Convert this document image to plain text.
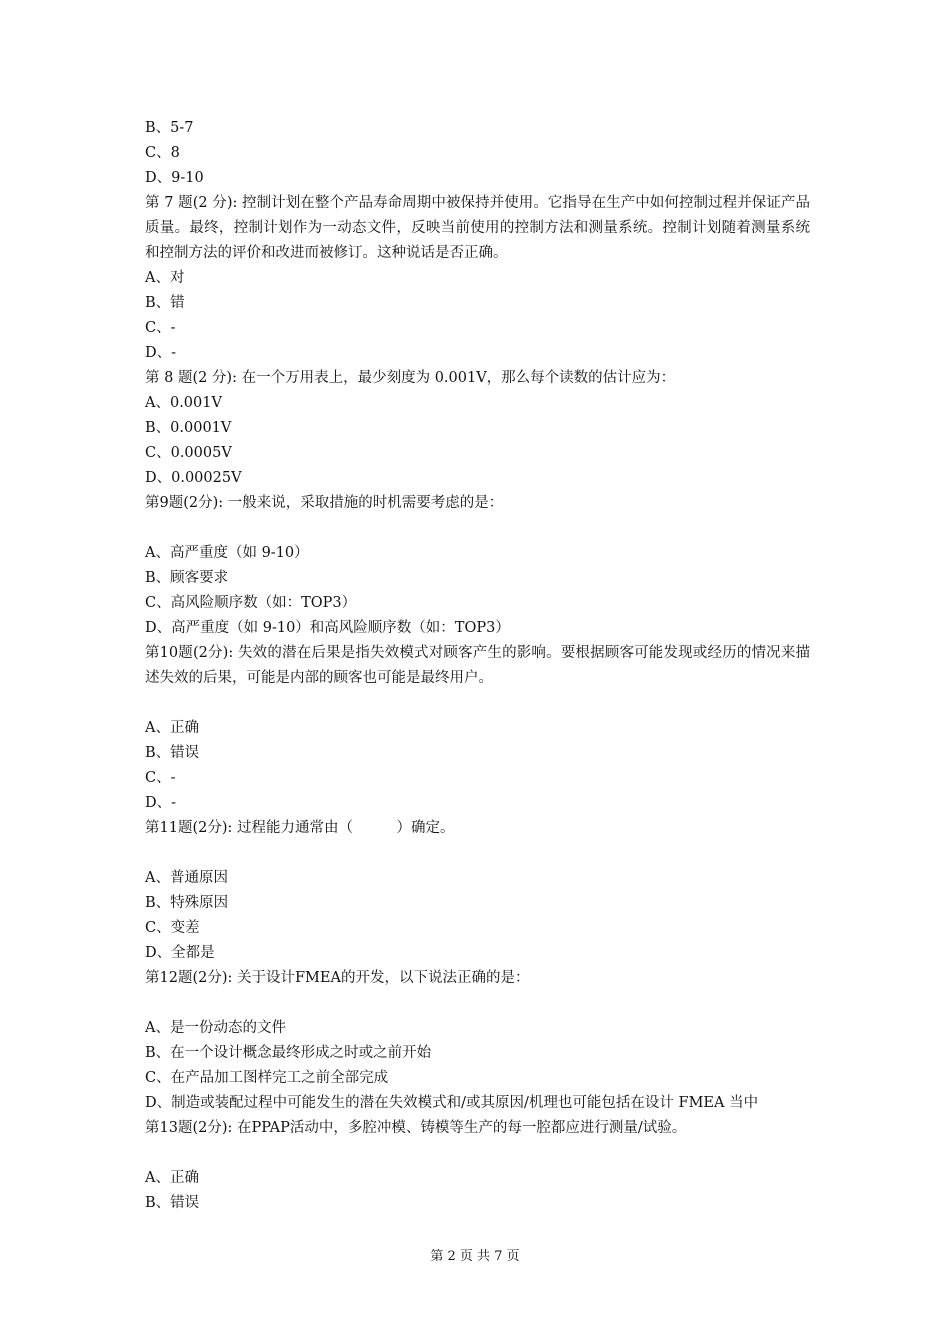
B、5-7
C、8
D、9-10
第 7 题(2 分): 控制计划在整个产品寿命周期中被保持并使用。它指导在生产中如何控制过程并保证产品质量。最终，控制计划作为一动态文件，反映当前使用的控制方法和测量系统。控制计划随着测量系统和控制方法的评价和改进而被修订。这种说话是否正确。
A、对
B、错
C、-
D、-
第 8 题(2 分): 在一个万用表上，最少刻度为 0.001V，那么每个读数的估计应为：
A、0.001V
B、0.0001V
C、0.0005V
D、0.00025V
第9题(2分): 一般来说，采取措施的时机需要考虑的是：
A、高严重度（如 9-10）
B、顾客要求
C、高风险顺序数（如：TOP3）
D、高严重度（如 9-10）和高风险顺序数（如：TOP3）
第10题(2分): 失效的潜在后果是指失效模式对顾客产生的影响。要根据顾客可能发现或经历的情况来描述失效的后果，可能是内部的顾客也可能是最终用户。
A、正确
B、错误
C、-
D、-
第11题(2分): 过程能力通常由（　　　）确定。
A、普通原因
B、特殊原因
C、变差
D、全都是
第12题(2分): 关于设计FMEA的开发，以下说法正确的是：
A、是一份动态的文件
B、在一个设计概念最终形成之时或之前开始
C、在产品加工图样完工之前全部完成
D、制造或装配过程中可能发生的潜在失效模式和/或其原因/机理也可能包括在设计 FMEA 当中
第13题(2分): 在PPAP活动中，多腔冲模、铸模等生产的每一腔都应进行测量/试验。
A、正确
B、错误
第 2 页 共 7 页
